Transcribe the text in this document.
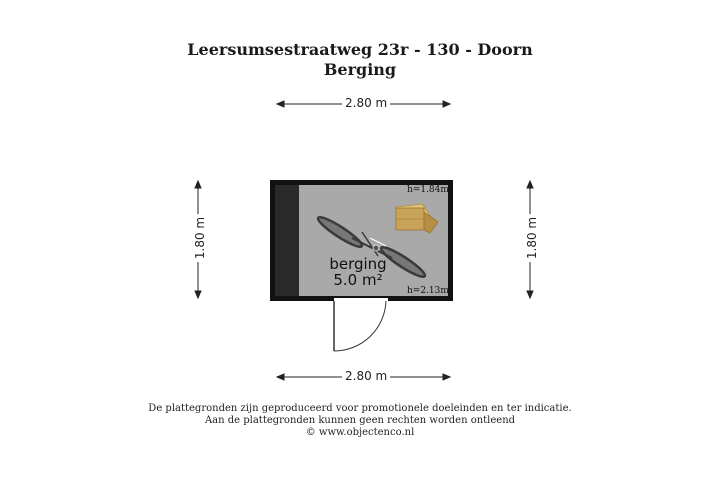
Leersumsestraatweg 23r - 130 - Doorn
Berging
2.80 m
2.80 m
1.80 m	1.80 m
h=1.84m
h=2.13m
berging
5.0 m²
De plattegronden zijn geproduceerd voor promotionele doeleinden en ter indicatie.
Aan de plattegronden kunnen geen rechten worden ontleend
© www.objectenco.nl
